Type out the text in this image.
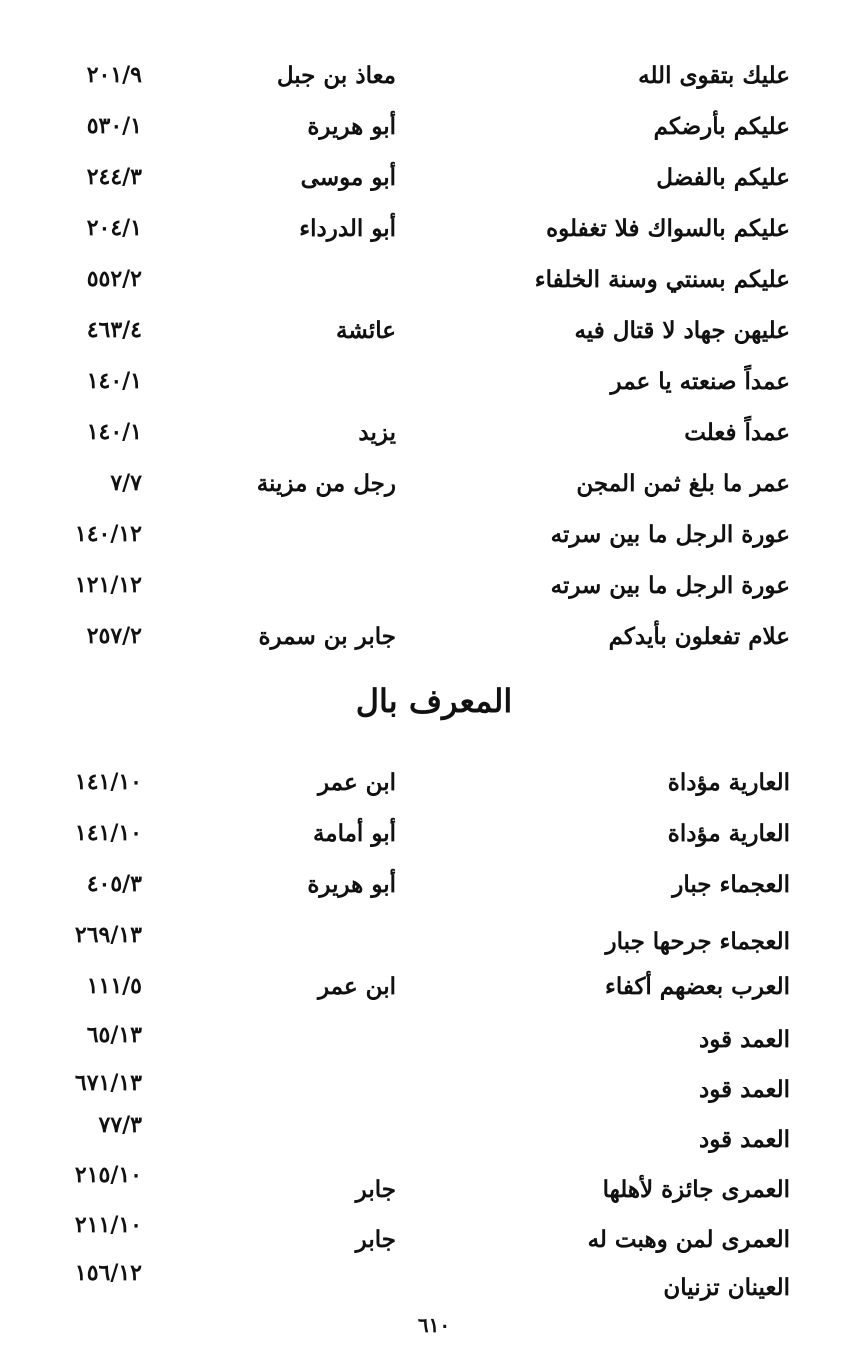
عليك بتقوى الله
معاذ بن جبل
٢٠١/٩
عليكم بأرضكم
أبو هريرة
٥٣٠/١
عليكم بالفضل
أبو موسى
٢٤٤/٣
عليكم بالسواك فلا تغفلوه
أبو الدرداء
٢٠٤/١
عليكم بسنتي وسنة الخلفاء
٥٥٢/٢
عليهن جهاد لا قتال فيه
عائشة
٤٦٣/٤
عمداً صنعته يا عمر
١٤٠/١
عمداً فعلت
يزيد
١٤٠/١
عمر ما بلغ ثمن المجن
رجل من مزينة
٧/٧
عورة الرجل ما بين سرته
١٤٠/١٢
عورة الرجل ما بين سرته
١٢١/١٢
علام تفعلون بأيدكم
جابر بن سمرة
٢٥٧/٢
المعرف بال
العارية مؤداة
ابن عمر
١٤١/١٠
العارية مؤداة
أبو أمامة
١٤١/١٠
العجماء جبار
أبو هريرة
٤٠٥/٣
العجماء جرحها جبار
٢٦٩/١٣
العرب بعضهم أكفاء
ابن عمر
١١١/٥
العمد قود
٦٥/١٣
العمد قود
٦٧١/١٣
العمد قود
٧٧/٣
العمرى جائزة لأهلها
جابر
٢١٥/١٠
العمرى لمن وهبت له
جابر
٢١١/١٠
العينان تزنيان
١٥٦/١٢
٦١٠
